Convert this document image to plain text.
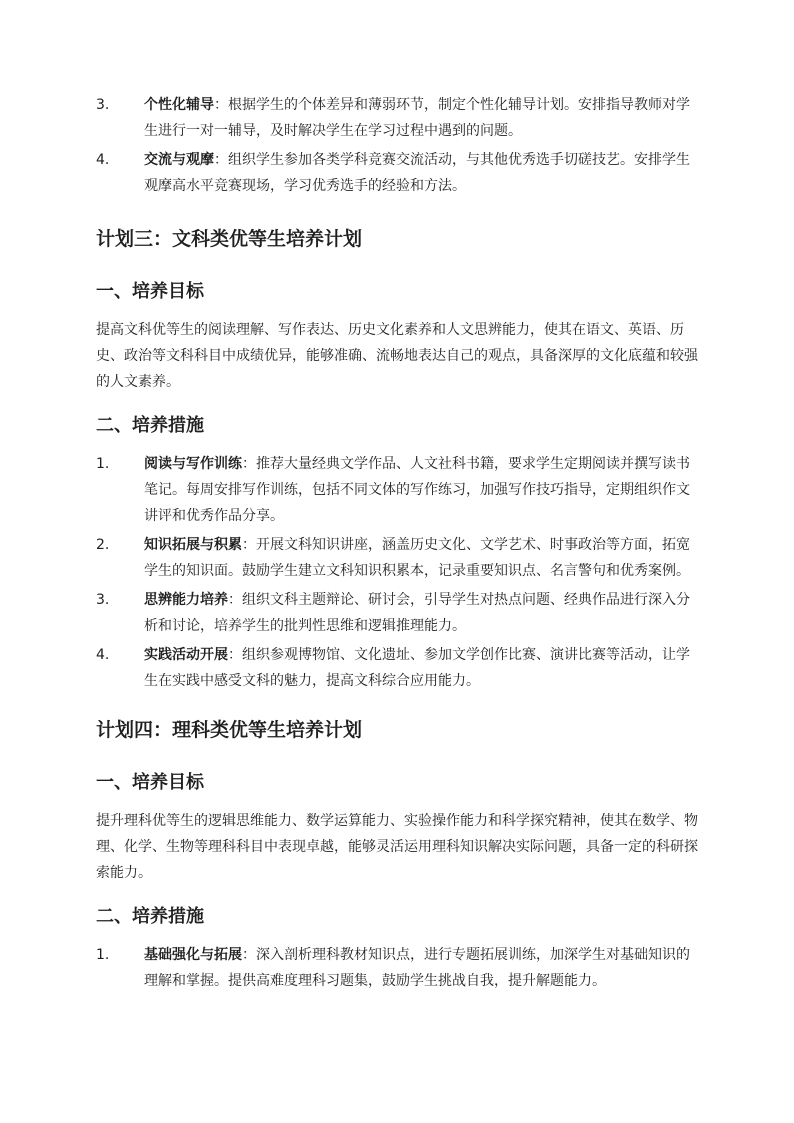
3. 个性化辅导：根据学生的个体差异和薄弱环节，制定个性化辅导计划。安排指导教师对学生进行一对一辅导，及时解决学生在学习过程中遇到的问题。
4. 交流与观摩：组织学生参加各类学科竞赛交流活动，与其他优秀选手切磋技艺。安排学生观摩高水平竞赛现场，学习优秀选手的经验和方法。
计划三：文科类优等生培养计划
一、培养目标

提高文科优等生的阅读理解、写作表达、历史文化素养和人文思辨能力，使其在语文、英语、历史、政治等文科科目中成绩优异，能够准确、流畅地表达自己的观点，具备深厚的文化底蕴和较强的人文素养。

二、培养措施
1. 阅读与写作训练：推荐大量经典文学作品、人文社科书籍，要求学生定期阅读并撰写读书笔记。每周安排写作训练，包括不同文体的写作练习，加强写作技巧指导，定期组织作文讲评和优秀作品分享。
2. 知识拓展与积累：开展文科知识讲座，涵盖历史文化、文学艺术、时事政治等方面，拓宽学生的知识面。鼓励学生建立文科知识积累本，记录重要知识点、名言警句和优秀案例。
3. 思辨能力培养：组织文科主题辩论、研讨会，引导学生对热点问题、经典作品进行深入分析和讨论，培养学生的批判性思维和逻辑推理能力。
4. 实践活动开展：组织参观博物馆、文化遗址、参加文学创作比赛、演讲比赛等活动，让学生在实践中感受文科的魅力，提高文科综合应用能力。
计划四：理科类优等生培养计划
一、培养目标

提升理科优等生的逻辑思维能力、数学运算能力、实验操作能力和科学探究精神，使其在数学、物理、化学、生物等理科科目中表现卓越，能够灵活运用理科知识解决实际问题，具备一定的科研探索能力。

二、培养措施
1. 基础强化与拓展：深入剖析理科教材知识点，进行专题拓展训练，加深学生对基础知识的理解和掌握。提供高难度理科习题集，鼓励学生挑战自我，提升解题能力。
